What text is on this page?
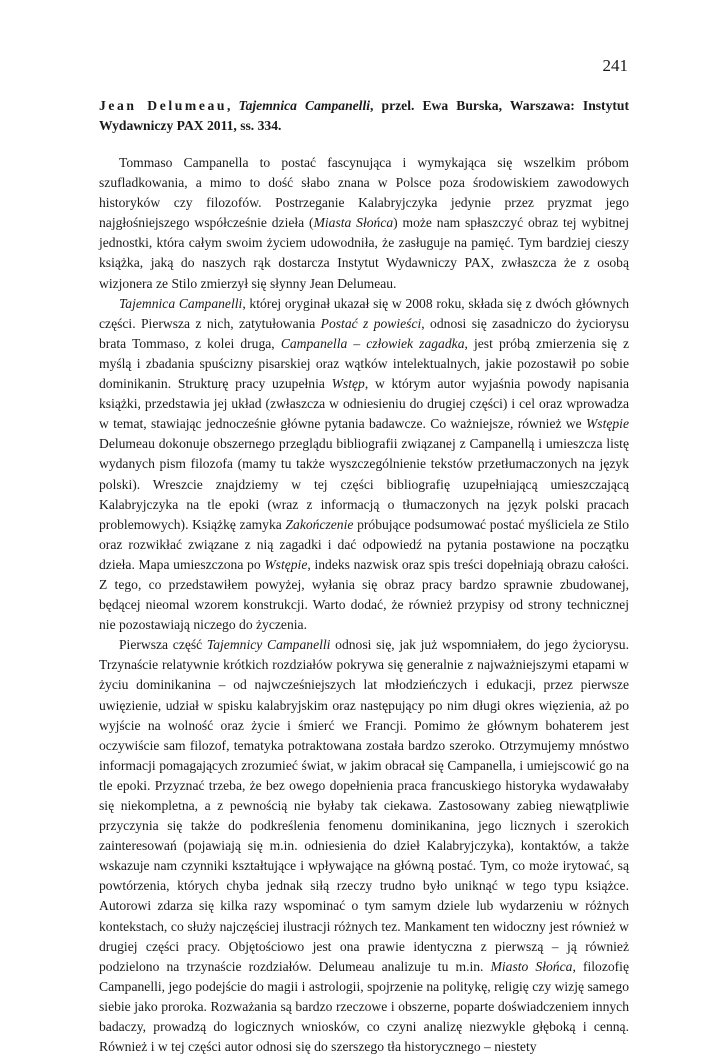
241
Jean Delumeau, Tajemnica Campanelli, przel. Ewa Burska, Warszawa: Instytut Wydawniczy PAX 2011, ss. 334.

Tommaso Campanella to postać fascynująca i wymykająca się wszelkim próbom szufladkowania, a mimo to dość słabo znana w Polsce poza środowiskiem zawodowych historyków czy filozofów. Postrzeganie Kalabryjczyka jedynie przez pryzmat jego najgłośniejszego współcześnie dzieła (Miasta Słońca) może nam spłaszczyć obraz tej wybitnej jednostki, która całym swoim życiem udowodniła, że zasługuje na pamięć. Tym bardziej cieszy książka, jaką do naszych rąk dostarcza Instytut Wydawniczy PAX, zwłaszcza że z osobą wizjonera ze Stilo zmierzył się słynny Jean Delumeau.

Tajemnica Campanelli, której oryginał ukazał się w 2008 roku, składa się z dwóch głównych części. Pierwsza z nich, zatytułowania Postać z powieści, odnosi się zasadniczo do życiorysu brata Tommaso, z kolei druga, Campanella – człowiek zagadka, jest próbą zmierzenia się z myślą i zbadania spuścizny pisarskiej oraz wątków intelektualnych, jakie pozostawił po sobie dominikanin. Strukturę pracy uzupełnia Wstęp, w którym autor wyjaśnia powody napisania książki, przedstawia jej układ (zwłaszcza w odniesieniu do drugiej części) i cel oraz wprowadza w temat, stawiając jednocześnie główne pytania badawcze. Co ważniejsze, również we Wstępie Delumeau dokonuje obszernego przeglądu bibliografii związanej z Campanellą i umieszcza listę wydanych pism filozofa (mamy tu także wyszczególnienie tekstów przetłumaczonych na język polski). Wreszcie znajdziemy w tej części bibliografię uzupełniającą umieszczającą Kalabryjczyka na tle epoki (wraz z informacją o tłumaczonych na język polski pracach problemowych). Książkę zamyka Zakończenie próbujące podsumować postać myśliciela ze Stilo oraz rozwikłać związane z nią zagadki i dać odpowiedź na pytania postawione na początku dzieła. Mapa umieszczona po Wstępie, indeks nazwisk oraz spis treści dopełniają obrazu całości. Z tego, co przedstawiłem powyżej, wyłania się obraz pracy bardzo sprawnie zbudowanej, będącej nieomal wzorem konstrukcji. Warto dodać, że również przypisy od strony technicznej nie pozostawiają niczego do życzenia.

Pierwsza część Tajemnicy Campanelli odnosi się, jak już wspomniałem, do jego życiorysu. Trzynaście relatywnie krótkich rozdziałów pokrywa się generalnie z najważniejszymi etapami w życiu dominikanina – od najwcześniejszych lat młodzieńczych i edukacji, przez pierwsze uwięzienie, udział w spisku kalabryjskim oraz następujący po nim długi okres więzienia, aż po wyjście na wolność oraz życie i śmierć we Francji. Pomimo że głównym bohaterem jest oczywiście sam filozof, tematyka potraktowana została bardzo szeroko. Otrzymujemy mnóstwo informacji pomagających zrozumieć świat, w jakim obracał się Campanella, i umiejscowić go na tle epoki. Przyznać trzeba, że bez owego dopełnienia praca francuskiego historyka wydawałaby się niekompletna, a z pewnością nie byłaby tak ciekawa. Zastosowany zabieg niewątpliwie przyczynia się także do podkreślenia fenomenu dominikanina, jego licznych i szerokich zainteresowań (pojawiają się m.in. odniesienia do dzieł Kalabryjczyka), kontaktów, a także wskazuje nam czynniki kształtujące i wpływające na główną postać. Tym, co może irytować, są powtórzenia, których chyba jednak siłą rzeczy trudno było uniknąć w tego typu książce. Autorowi zdarza się kilka razy wspominać o tym samym dziele lub wydarzeniu w różnych kontekstach, co służy najczęściej ilustracji różnych tez. Mankament ten widoczny jest również w drugiej części pracy. Objętościowo jest ona prawie identyczna z pierwszą – ją również podzielono na trzynaście rozdziałów. Delumeau analizuje tu m.in. Miasto Słońca, filozofię Campanelli, jego podejście do magii i astrologii, spojrzenie na politykę, religię czy wizję samego siebie jako proroka. Rozważania są bardzo rzeczowe i obszerne, poparte doświadczeniem innych badaczy, prowadzą do logicznych wniosków, co czyni analizę niezwykle głęboką i cenną. Również i w tej części autor odnosi się do szerszego tła historycznego – niestety
